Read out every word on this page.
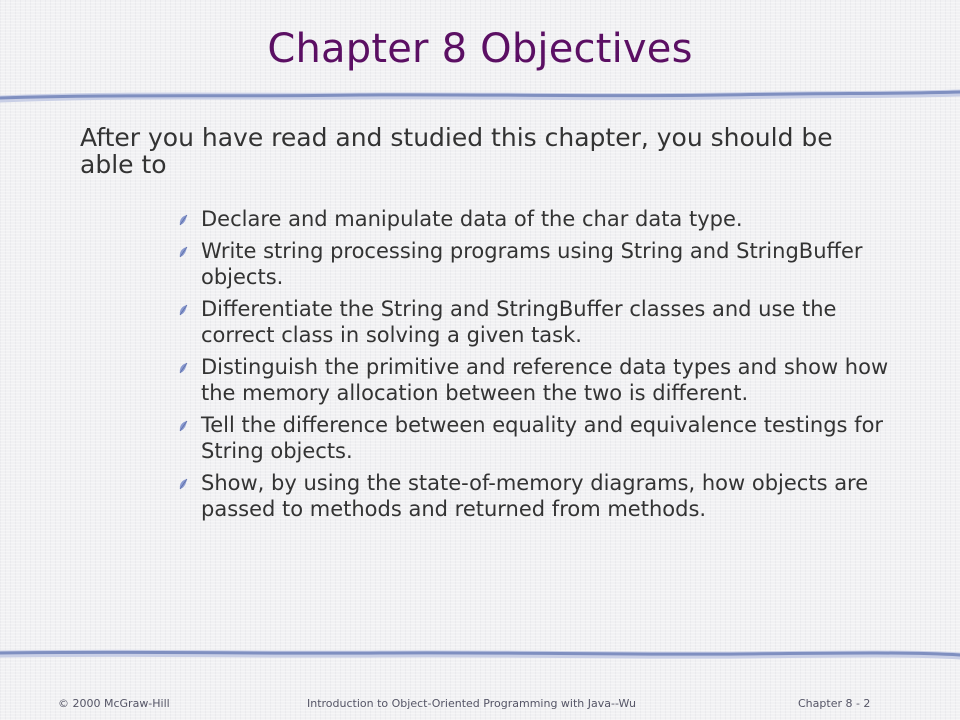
Chapter 8 Objectives
After you have read and studied this chapter, you should be able to
Declare and manipulate data of the char data type.
Write string processing programs using String and StringBuffer objects.
Differentiate the String and StringBuffer classes and use the correct class in solving a given task.
Distinguish the primitive and reference data types and show how the memory allocation between the two is different.
Tell the difference between equality and equivalence testings for String objects.
Show, by using the state-of-memory diagrams, how objects are passed to methods and returned from methods.
© 2000 McGraw-Hill	Introduction to Object-Oriented Programming with Java--Wu	Chapter 8 - 2
